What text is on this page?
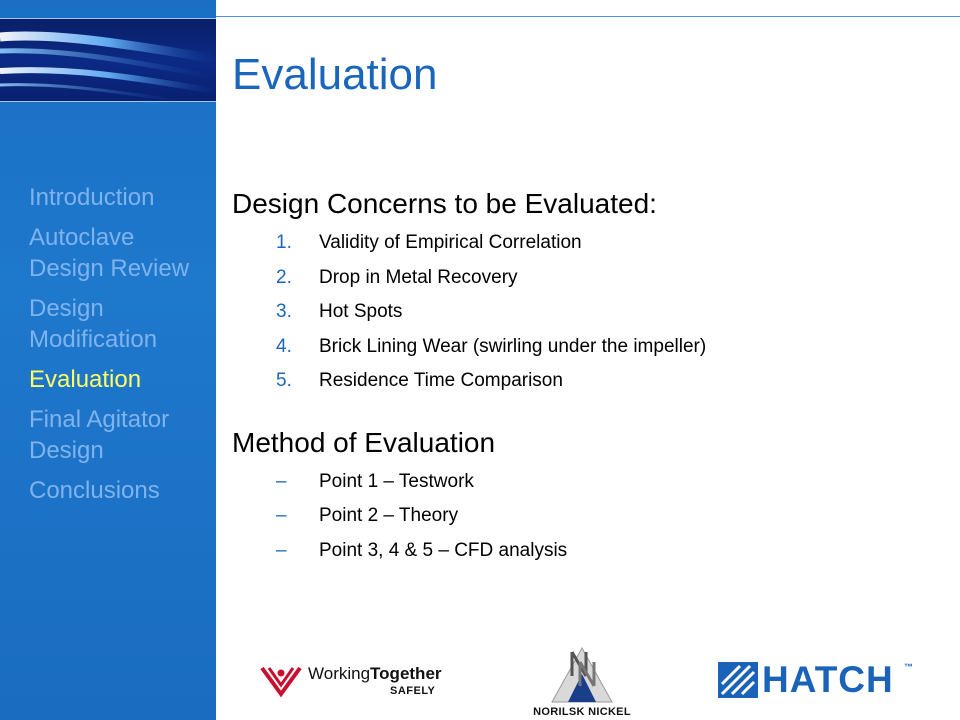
Introduction
Autoclave Design Review
Design Modification
Evaluation
Final Agitator Design
Conclusions
Evaluation
Design Concerns to be Evaluated:
1. Validity of Empirical Correlation
2. Drop in Metal Recovery
3. Hot Spots
4. Brick Lining Wear (swirling under the impeller)
5. Residence Time Comparison
Method of Evaluation
– Point 1 – Testwork
– Point 2 – Theory
– Point 3, 4 & 5 – CFD analysis
WorkingTogether
SAFELY
NORILSK NICKEL
HATCH ™
